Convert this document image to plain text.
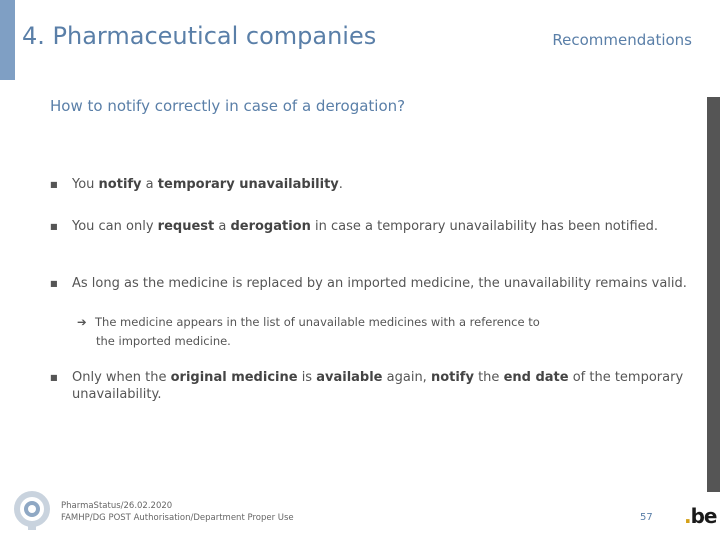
4. Pharmaceutical companies	Recommendations
How to notify correctly in case of a derogation?
■ You notify a temporary unavailability.
■ You can only request a derogation in case a temporary unavailability has been notified.
■ As long as the medicine is replaced by an imported medicine, the unavailability remains valid.
■ Only when the original medicine is available again, notify the end date of the temporary unavailability.
➔ The medicine appears in the list of unavailable medicines with a reference to
the imported medicine.
PharmaStatus/26.02.2020
FAMHP/DG POST Authorisation/Department Proper Use	57 .be
